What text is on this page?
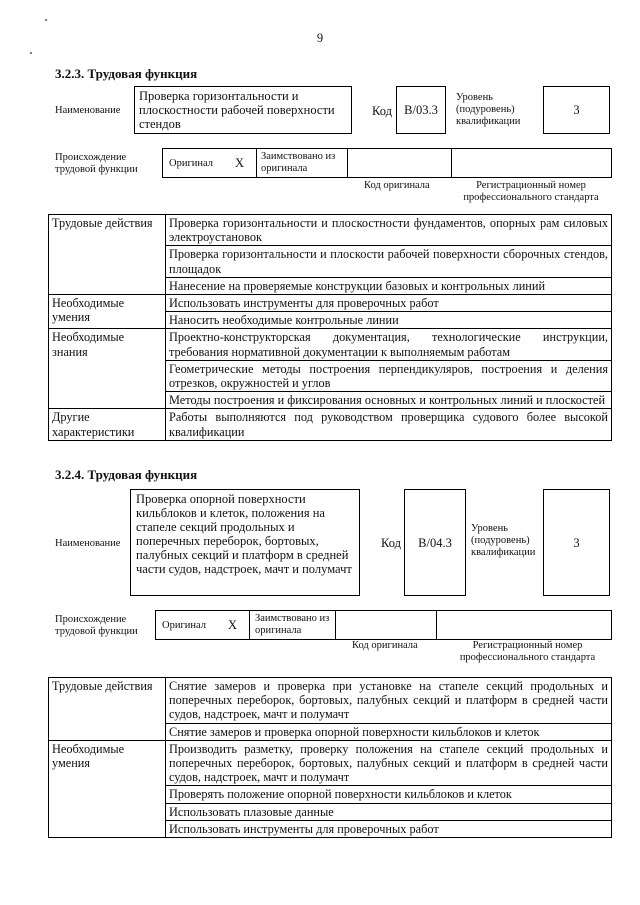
9
3.2.3. Трудовая функция
Наименование
Проверка горизонтальности и плоскостности рабочей поверхности стендов
Код B/03.3
Уровень (подуровень) квалификации
3
Происхождение трудовой функции
Оригинал X Заимствовано из оригинала
Код оригинала	Регистрационный номер профессионального стандарта
Трудовые действия	Проверка горизонтальности и плоскостности фундаментов, опорных рам силовых электроустановок
	Проверка горизонтальности и плоскости рабочей поверхности сборочных стендов, площадок
	Нанесение на проверяемые конструкции базовых и контрольных линий
Необходимые умения	Использовать инструменты для проверочных работ
	Наносить необходимые контрольные линии
Необходимые знания	Проектно-конструкторская документация, технологические инструкции, требования нормативной документации к выполняемым работам
	Геометрические методы построения перпендикуляров, построения и деления отрезков, окружностей и углов
	Методы построения и фиксирования основных и контрольных линий и плоскостей
Другие характеристики	Работы выполняются под руководством проверщика судового более высокой квалификации
3.2.4. Трудовая функция
Наименование
Проверка опорной поверхности кильблоков и клеток, положения на стапеле секций продольных и поперечных переборок, бортовых, палубных секций и платформ в средней части судов, надстроек, мачт и полумачт
Код	B/04.3
Уровень (подуровень) квалификации
3
Происхождение трудовой функции
Оригинал X Заимствовано из оригинала
Код оригинала	Регистрационный номер профессионального стандарта
Трудовые действия	Снятие замеров и проверка при установке на стапеле секций продольных и поперечных переборок, бортовых, палубных секций и платформ в средней части судов, надстроек, мачт и полумачт
	Снятие замеров и проверка опорной поверхности кильблоков и клеток
Необходимые умения	Производить разметку, проверку положения на стапеле секций продольных и поперечных переборок, бортовых, палубных секций и платформ в средней части судов, надстроек, мачт и полумачт
	Проверять положение опорной поверхности кильблоков и клеток
	Использовать плазовые данные
	Использовать инструменты для проверочных работ
